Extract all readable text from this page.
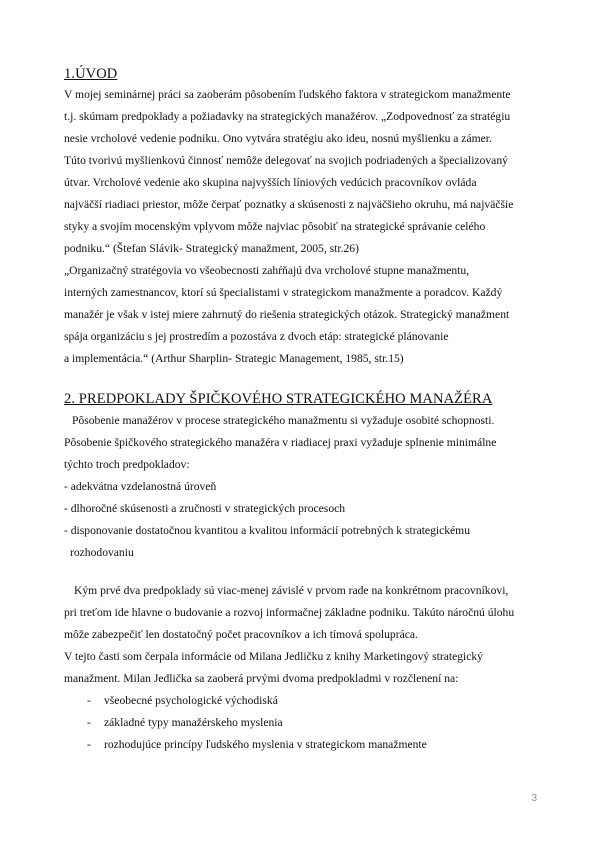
1.ÚVOD
V mojej seminárnej práci sa zaoberám pôsobením ľudského faktora v strategickom manažmente
t.j. skúmam predpoklady a požiadavky na strategických manažérov. „Zodpovednosť za stratégiu
nesie vrcholové vedenie podniku. Ono vytvára stratégiu ako ideu, nosnú myšlienku a zámer.
Túto tvorivú myšlienkovú činnosť nemôže delegovať na svojich podriadených a špecializovaný
útvar. Vrcholové vedenie ako skupina najvyšších líniových vedúcich pracovníkov ovláda
najväčší riadiaci priestor, môže čerpať poznatky a skúsenosti z najväčšieho okruhu, má najväčšie
styky a svojím mocenským vplyvom môže najviac pôsobiť na strategické správanie celého
podniku.“ (Štefan Slávik- Strategický manažment, 2005, str.26)
„Organizačný stratégovia vo všeobecnosti zahŕňajú dva vrcholové stupne manažmentu,
interných zamestnancov, ktorí sú špecialistami v strategickom manažmente a poradcov. Každý
manažér je však v istej miere zahrnutý do riešenia strategických otázok. Strategický manažment
spája organizáciu s jej prostredím a pozostáva z dvoch etáp: strategické plánovanie
a implementácia.“ (Arthur Sharplin- Strategic Management, 1985, str.15)
2. PREDPOKLADY ŠPIČKOVÉHO STRATEGICKÉHO MANAŽÉRA
Pôsobenie manažérov v procese strategického manažmentu si vyžaduje osobité schopnosti.
Pôsobenie špičkového strategického manažéra v riadiacej praxi vyžaduje splnenie minimálne
týchto troch predpokladov:
- adekvátna vzdelanostná úroveň
- dlhoročné skúsenosti a zručnosti v strategických procesoch
- disponovanie dostatočnou kvantitou a kvalitou informácií potrebných k strategickému
rozhodovaniu
Kým prvé dva predpoklady sú viac-menej závislé v prvom rade na konkrétnom pracovníkovi,
pri treťom ide hlavne o budovanie a rozvoj informačnej základne podniku. Takúto náročnú úlohu
môže zabezpečiť len dostatočný počet pracovníkov a ich tímová spolupráca.
V tejto časti som čerpala informácie od Milana Jedličku z knihy Marketingový strategický
manažment. Milan Jedlička sa zaoberá prvými dvoma predpokladmi v rozčlenení na:
- všeobecné psychologické východiská
- základné typy manažérskeho myslenia
- rozhodujúce princípy ľudského myslenia v strategickom manažmente
3
